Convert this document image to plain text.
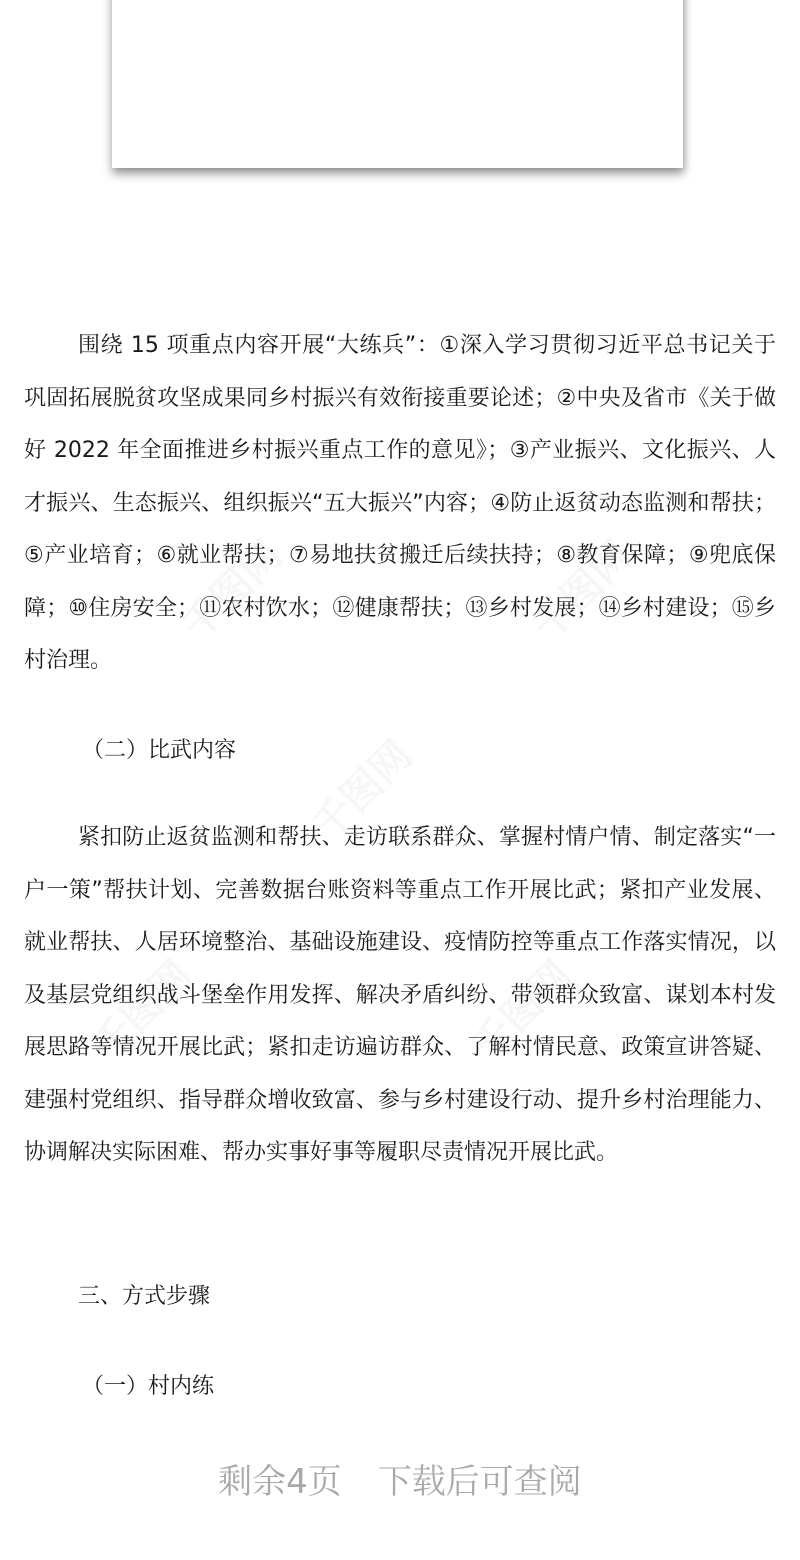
围绕 15 项重点内容开展“大练兵”：①深入学习贯彻习近平总书记关于巩固拓展脱贫攻坚成果同乡村振兴有效衔接重要论述；②中央及省市《关于做好 2022 年全面推进乡村振兴重点工作的意见》；③产业振兴、文化振兴、人才振兴、生态振兴、组织振兴“五大振兴”内容；④防止返贫动态监测和帮扶；⑤产业培育；⑥就业帮扶；⑦易地扶贫搬迁后续扶持；⑧教育保障；⑨兜底保障；⑩住房安全；⑪农村饮水；⑫健康帮扶；⑬乡村发展；⑭乡村建设；⑮乡村治理。

（二）比武内容

紧扣防止返贫监测和帮扶、走访联系群众、掌握村情户情、制定落实“一户一策”帮扶计划、完善数据台账资料等重点工作开展比武；紧扣产业发展、就业帮扶、人居环境整治、基础设施建设、疫情防控等重点工作落实情况，以及基层党组织战斗堡垒作用发挥、解决矛盾纠纷、带领群众致富、谋划本村发展思路等情况开展比武；紧扣走访遍访群众、了解村情民意、政策宣讲答疑、建强村党组织、指导群众增收致富、参与乡村建设行动、提升乡村治理能力、协调解决实际困难、帮办实事好事等履职尽责情况开展比武。

三、方式步骤

（一）村内练

剩余4页 下载后可查阅
